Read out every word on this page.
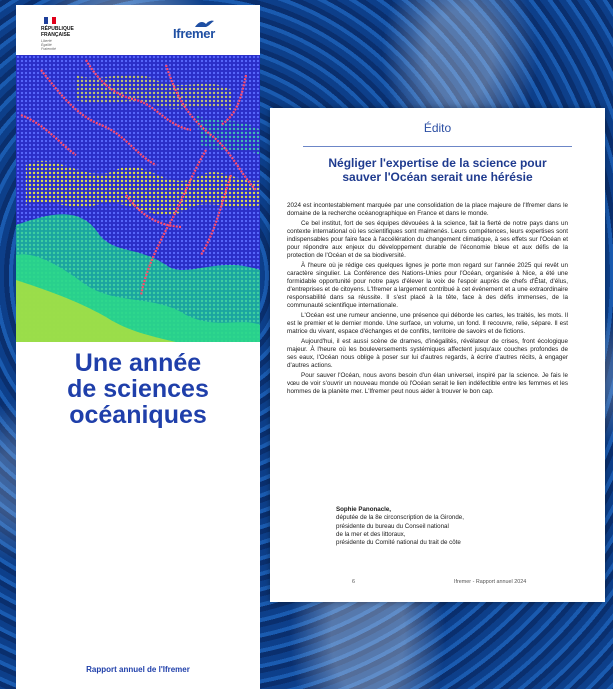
RÉPUBLIQUE
FRANÇAISE
Liberté
Égalité
Fraternité
Ifremer
Une année
de sciences
océaniques
Rapport annuel de l'Ifremer
Édito
Négliger l'expertise de la science pour
sauver l'Océan serait une hérésie

2024 est incontestablement marquée par une consolidation de la place majeure de l'Ifremer dans le domaine de la recherche océanographique en France et dans le monde.

Ce bel institut, fort de ses équipes dévouées à la science, fait la fierté de notre pays dans un contexte international où les scientifiques sont malmenés. Leurs compétences, leurs expertises sont indispensables pour faire face à l'accélération du changement climatique, à ses effets sur l'Océan et pour répondre aux enjeux du développement durable de l'économie bleue et aux défis de la protection de l'Océan et de sa biodiversité.

À l'heure où je rédige ces quelques lignes je porte mon regard sur l'année 2025 qui revêt un caractère singulier. La Conférence des Nations-Unies pour l'Océan, organisée à Nice, a été une formidable opportunité pour notre pays d'élever la voix de l'espoir auprès de chefs d'État, d'élus, d'entreprises et de citoyens. L'Ifremer a largement contribué à cet événement et a une extraordinaire responsabilité dans sa réussite. Il s'est placé à la tête, face à des défis immenses, de la communauté scientifique internationale.

L'Océan est une rumeur ancienne, une présence qui déborde les cartes, les traités, les mots. Il est le premier et le dernier monde. Une surface, un volume, un fond. Il recouvre, relie, sépare. Il est matrice du vivant, espace d'échanges et de conflits, territoire de savoirs et de fictions.

Aujourd'hui, il est aussi scène de drames, d'inégalités, révélateur de crises, front écologique majeur. À l'heure où les bouleversements systémiques affectent jusqu'aux couches profondes de ses eaux, l'Océan nous oblige à poser sur lui d'autres regards, à écrire d'autres récits, à engager d'autres actions.

Pour sauver l'Océan, nous avons besoin d'un élan universel, inspiré par la science. Je fais le vœu de voir s'ouvrir un nouveau monde où l'Océan serait le lien indéfectible entre les femmes et les hommes de la planète mer. L'Ifremer peut nous aider à trouver le bon cap.

Sophie Panonacle,
députée de la 8e circonscription de la Gironde,
présidente du bureau du Conseil national
de la mer et des littoraux,
présidente du Comité national du trait de côte
6	Ifremer - Rapport annuel 2024
